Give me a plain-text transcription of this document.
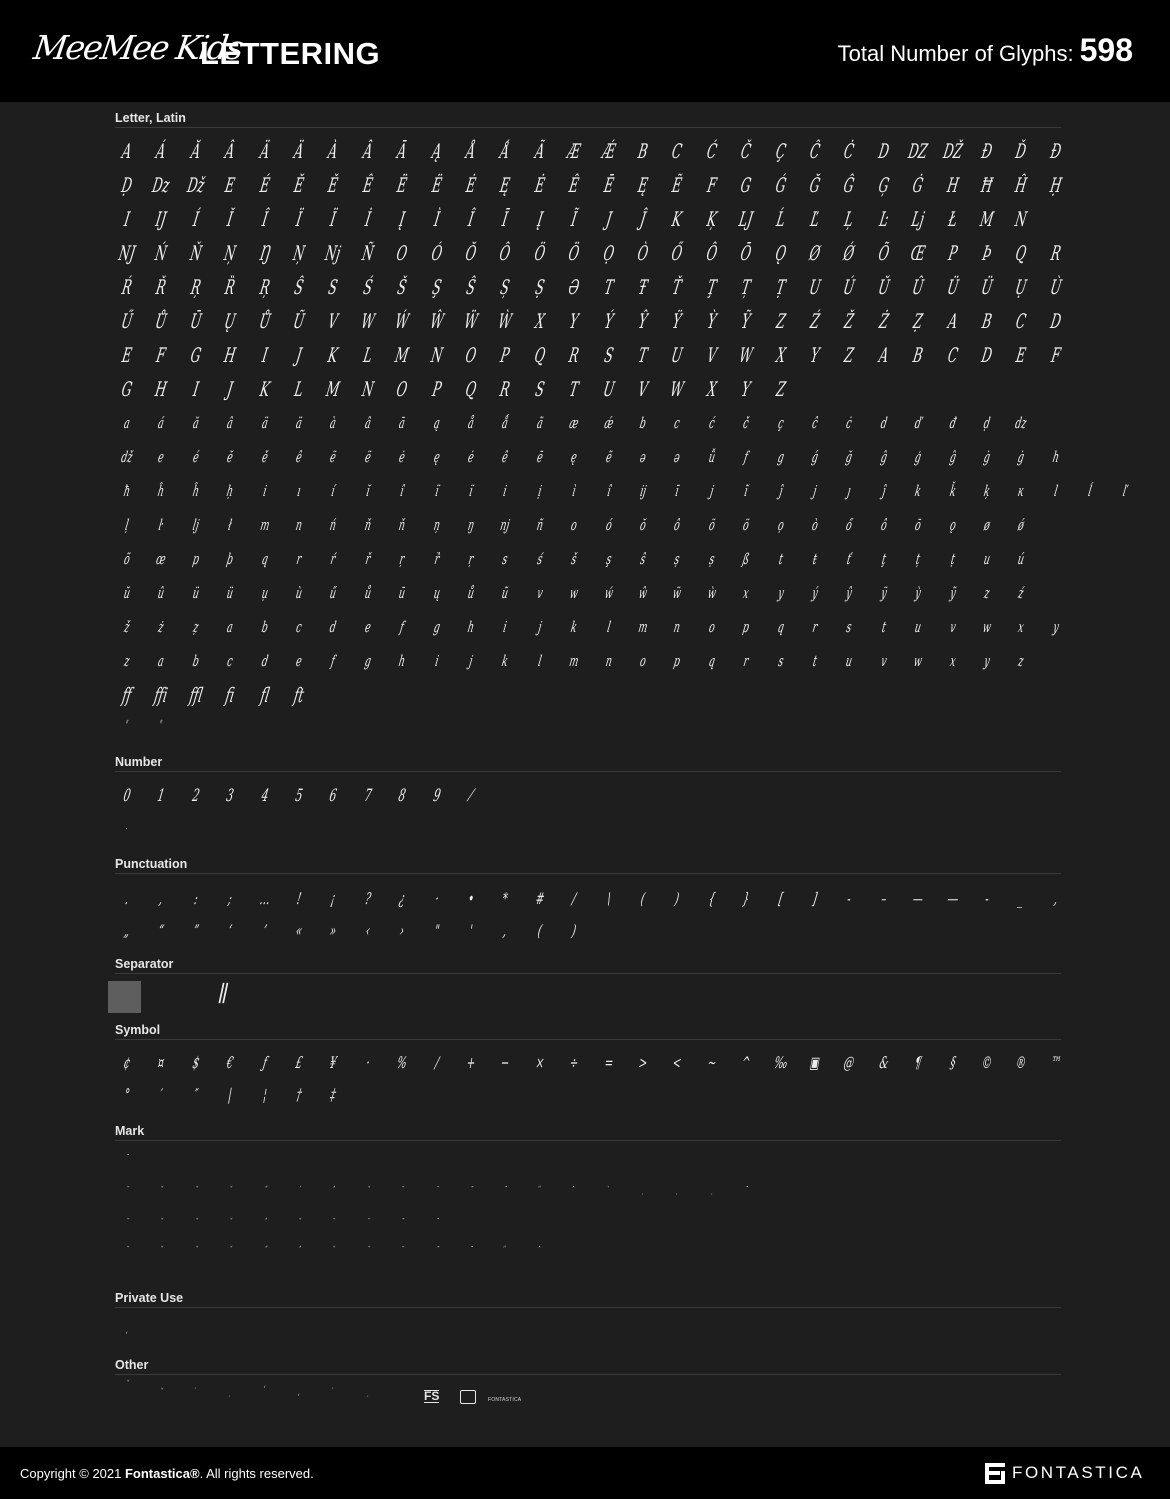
MeeMee Kids
LETTERING	Total Number of Glyphs: 598
Letter, Latin
Number
Punctuation
Separator
Symbol
Mark
Private Use
Other
∥
FS	FONTASTICA
A	Á	Ă	Â	Ä	Ä	À	Â	Ā	Ą	Å	Ǻ	Ã Æ Ǽ B	C	Ć	Č	Ç	Ĉ	Ċ	D DZ DŽ Đ	Ď	Đ
Ḍ Dz Dž E	É	Ĕ	Ě	Ê	Ë	Ë	Ė	Ę	Ė	Ê	Ē	Ę	Ẽ	F	G	Ǵ	Ğ	Ĝ	Ģ	Ġ H Ħ Ĥ Ḥ
I	IJ	Í	Ĭ	Î	Ï	Ï	İ	Į	Ì	Î	Ī	Į	Ĩ	J	Ĵ	K	Ķ LJ Ĺ	Ľ	Ļ	Ŀ Lj Ł M N
NJ Ń Ň Ņ Ŋ Ņ Nj Ñ O	Ó	Ŏ Ô	Ö Ö	Ọ	Ò Ő	Ô Ō	Ǫ	Ø Ǿ	Õ Œ P	Þ	Q	R
Ŕ	Ř	Ŗ	Ȑ	Ŗ	Ŝ	S	Ś	Š	Ş	Ŝ	Ș	Ṣ	Ə	T	Ŧ	Ť	Ţ	Ț	Ṭ	U Ú Ŭ Û Ü Ü Ụ Ù
Ű Ů Ū Ų Ů Ũ	V W Ẃ Ŵ Ẅ Ẁ X	Y	Ý	Ŷ	Ÿ	Ỳ	Ỹ	Z	Ź	Ž	Ż	Ẓ	A	B	C	D
E	F	G H	I	J	K	L M N O	P	Q	R	S	T	U	V W X	Y	Z	A	B	C	D	E	F
G H	I	J	K	L M N O	P	Q	R	S	T	U	V W X	Y	Z
a	á	ă	â	ä	ä	à	â	ā	ą	å	ǻ	ã	æ	ǽ	b	c	ć	č	ç	ĉ	ċ	d	ď	đ	ḍ	dz
dž	e	é	ĕ	ě	ê	ë	ë	ė	ę	ė	ê	ē	ę	ẽ	ə	ǝ	ǚ	f	g	ǵ	ğ	ĝ	ģ	ĝ	ġ	ġ	h
ħ	ĥ	ĥ	ḥ	i	ı	í	ĭ	î	ï	ï	i	ị	ì	î	ĳ	ī	j	ĩ	ĵ	j	ȷ	ĵ	k	ǩ	ķ	ĸ	l	ĺ	ľ
ļ	ŀ	lj	ł	m	n	ń	ň	ň	ņ	ŋ	nj	ñ	o	ó	ŏ	ô	ö	ö	ọ	ò	ő	ô	ō	ǫ	ø	ǿ
õ	œ	p	þ	q	r	ŕ	ř	ŗ	ȑ	ŗ	s	ś	š	ş	ŝ	ș	ṣ	ß	t	ŧ	ť	ţ	ț	ṭ	u	ú
ŭ	û	ü	ü	ụ	ù	ű	ů	ū	ų	ů	ũ	v	w	ẃ	ŵ	ẅ	ẁ	x	y	ý	ŷ	ÿ	ỳ	ỹ	z	ź
ž	ż	ẓ	a	b	c	d	e	f	g	h	i	j	k	l	m	n	o	p	q	r	s	t	u	v	w	x	y
z	a	b	c	d	e	f	g	h	i	j	k	l	m	n	o	p	q	r	s	t	u	v	w	x	y	z
ff ffi ffl fi	fl	ft
ª	º
0	1	2	3	4	5	6	7	8	9	⁄
.
.	,	:	;	…	!	¡	?	¿	·	•	*	#	/	\	(	)	{	}	[	]	-	–	—	―	‐	_	,
„	“	”	‘	’	«	»	‹	›	"	'	‚	(	)
¢	¤	$	€	ƒ	£	¥	·	%	∕	+	−	×	÷	=	>	<	~	^	‰	▣	@	&	¶	§	©	®	™
°	′	″	|	¦	†	‡
ˉ
˘	ˇ	ˇ	ˇ	˝	ˊ	ˆ	ˇ	˘	¨	˜	ˉ	̎	̂	̀	ˏ	ˎ	ˏ	ˉ
˘	ˇ	ˇ	ˇ	ˆ	ˇ	˘	¨	˜	ˉ
˘	ˇ	ˇ	ˇ	˝	ˆ	ˇ	˘	¨	˜	ˉ	̎	̂
ˌ
ˇ
ˇ
ˏ
ˏ
ˌ
ˌ
ˏ
ˏ
Copyright © 2021 Fontastica®. All rights reserved.	FONTASTICA
